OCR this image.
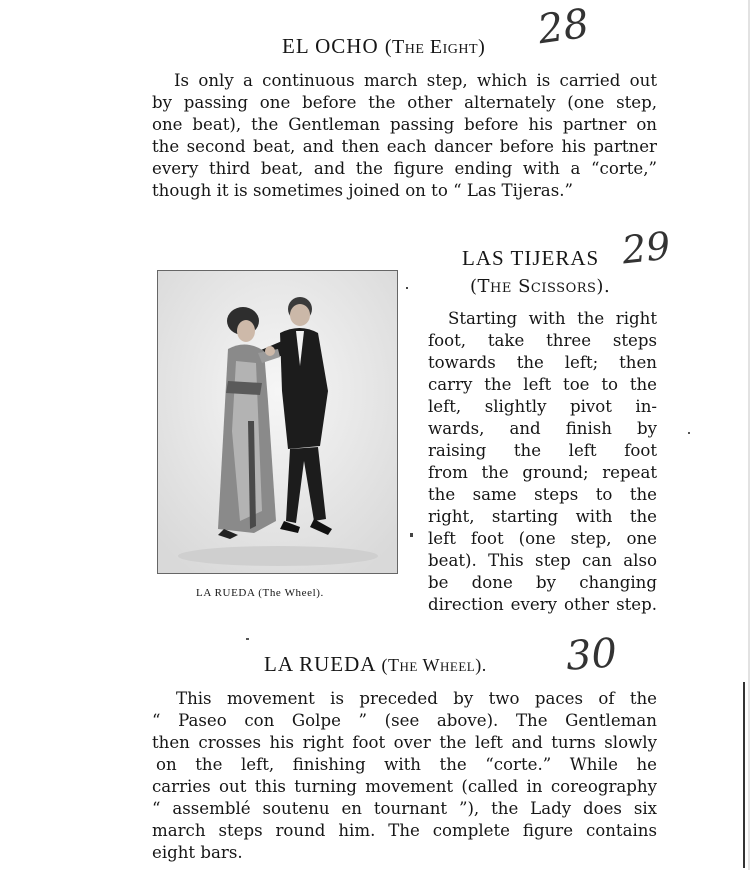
EL OCHO (The Eight) 28
Is only a continuous march step, which is carried out
by passing one before the other alternately (one step,
one beat), the Gentleman passing before his partner on
the second beat, and then each dancer before his partner
every third beat, and the figure ending with a “corte,”
though it is sometimes joined on to “ Las Tijeras.”
LAS TIJERAS 29
(The Scissors).
Starting with the right
foot, take three steps
towards the left; then
carry the left toe to the
left, slightly pivot in-
wards, and finish by
raising the left foot
from the ground; repeat
the same steps to the
right, starting with the
left foot (one step, one
beat). This step can also
be done by changing
direction every other step.
LA RUEDA (The Wheel).
LA RUEDA (The Wheel). 30
This movement is preceded by two paces of the
“ Paseo con Golpe ” (see above). The Gentleman
then crosses his right foot over the left and turns slowly
on the left, finishing with the “corte.” While he
carries out this turning movement (called in coreography
“ assemblé soutenu en tournant ”), the Lady does six
march steps round him. The complete figure contains
eight bars.
